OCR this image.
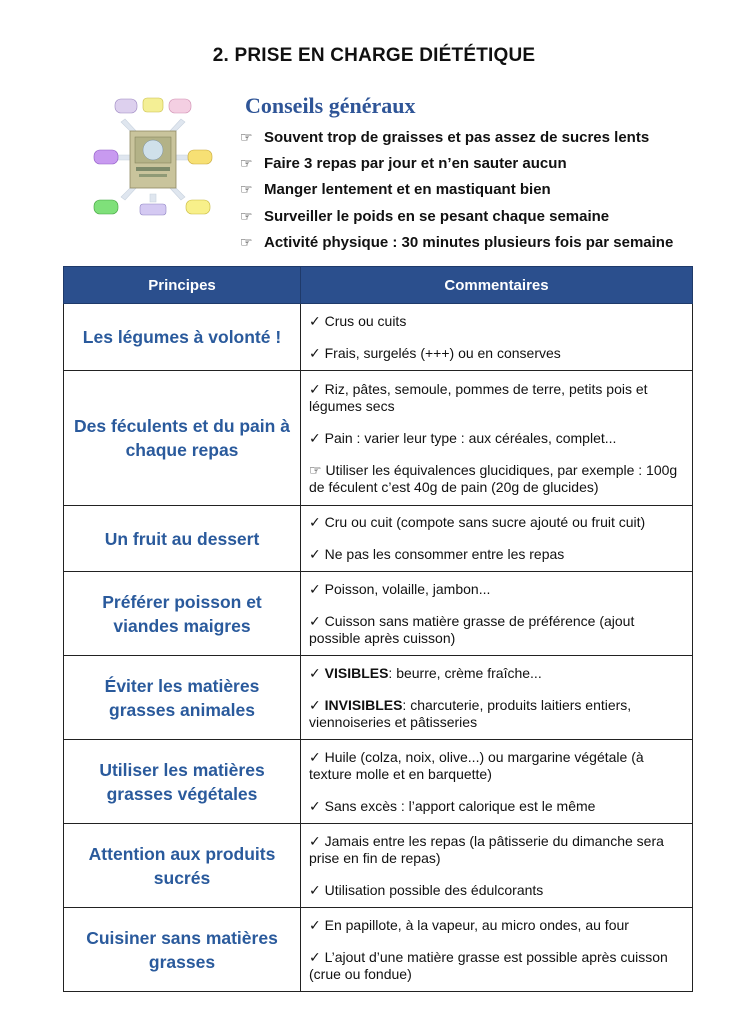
2. PRISE EN CHARGE DIÉTÉTIQUE
Conseils généraux
☞ Souvent trop de graisses et pas assez de sucres lents
☞ Faire 3 repas par jour et n’en sauter aucun
☞ Manger lentement et en mastiquant bien
☞ Surveiller le poids en se pesant chaque semaine
☞ Activité physique : 30 minutes plusieurs fois par semaine
Principes	Commentaires
Les légumes à volonté !	✓ Crus ou cuits

✓ Frais, surgelés (+++) ou en conserves

Des féculents et du pain à chaque repas	✓ Riz, pâtes, semoule, pommes de terre, petits pois et légumes secs

✓ Pain : varier leur type : aux céréales, complet...

☞ Utiliser les équivalences glucidiques, par exemple : 100g de féculent c’est 40g de pain (20g de glucides)

Un fruit au dessert	✓ Cru ou cuit (compote sans sucre ajouté ou fruit cuit)

✓ Ne pas les consommer entre les repas

Préférer poisson et viandes maigres	✓ Poisson, volaille, jambon...

✓ Cuisson sans matière grasse de préférence (ajout possible après cuisson)

Éviter les matières grasses animales	✓ VISIBLES: beurre, crème fraîche...

✓ INVISIBLES: charcuterie, produits laitiers entiers, viennoiseries et pâtisseries

Utiliser les matières grasses végétales	✓ Huile (colza, noix, olive...) ou margarine végétale (à texture molle et en barquette)

✓ Sans excès : l’apport calorique est le même

Attention aux produits sucrés	✓ Jamais entre les repas (la pâtisserie du dimanche sera prise en fin de repas)

✓ Utilisation possible des édulcorants

Cuisiner sans matières grasses	✓ En papillote, à la vapeur, au micro ondes, au four

✓ L’ajout d’une matière grasse est possible après cuisson (crue ou fondue)
